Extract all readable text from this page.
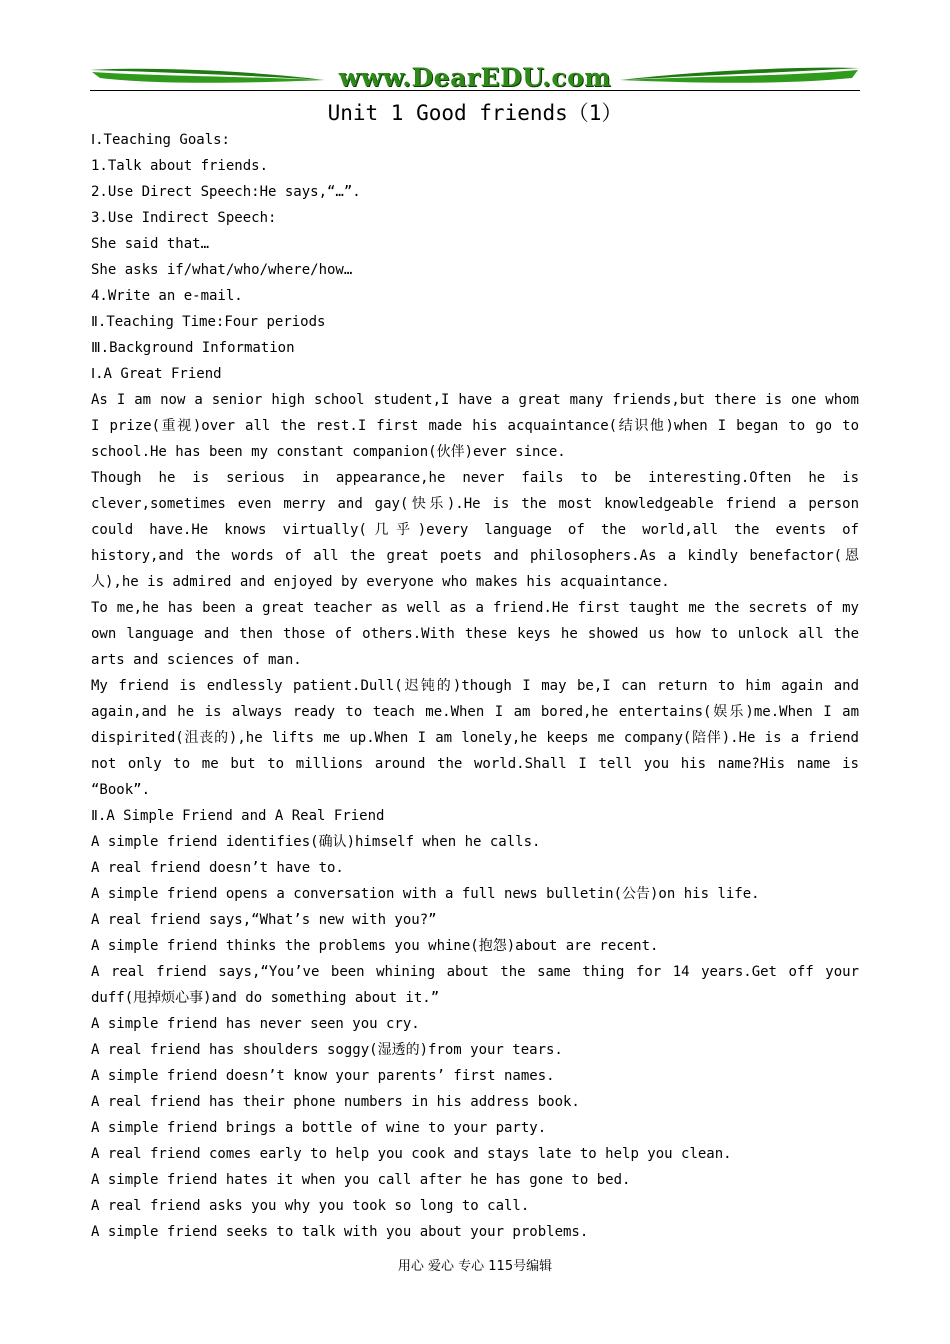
www.DearEDU.com
Unit 1 Good friends（1）
Ⅰ.Teaching Goals:
1.Talk about friends.
2.Use Direct Speech:He says,“…”.
3.Use Indirect Speech:
She said that…
She asks if/what/who/where/how…
4.Write an e-mail.
Ⅱ.Teaching Time:Four periods
Ⅲ.Background Information
Ⅰ.A Great Friend
As I am now a senior high school student,I have a great many friends,but there is one whom
I prize(重视)over all the rest.I first made his acquaintance(结识他)when I began to go to
school.He has been my constant companion(伙伴)ever since.
Though he is serious in appearance,he never fails to be interesting.Often he is
clever,sometimes even merry and gay(快乐).He is the most knowledgeable friend a person
could have.He knows virtually(几乎)every language of the world,all the events of
history,and the words of all the great poets and philosophers.As a kindly benefactor(恩
人),he is admired and enjoyed by everyone who makes his acquaintance.
To me,he has been a great teacher as well as a friend.He first taught me the secrets of my
own language and then those of others.With these keys he showed us how to unlock all the
arts and sciences of man.
My friend is endlessly patient.Dull(迟钝的)though I may be,I can return to him again and
again,and he is always ready to teach me.When I am bored,he entertains(娱乐)me.When I am
dispirited(沮丧的),he lifts me up.When I am lonely,he keeps me company(陪伴).He is a friend
not only to me but to millions around the world.Shall I tell you his name?His name is
“Book”.
Ⅱ.A Simple Friend and A Real Friend
A simple friend identifies(确认)himself when he calls.
A real friend doesn’t have to.
A simple friend opens a conversation with a full news bulletin(公告)on his life.
A real friend says,“What’s new with you?”
A simple friend thinks the problems you whine(抱怨)about are recent.
A real friend says,“You’ve been whining about the same thing for 14 years.Get off your
duff(甩掉烦心事)and do something about it.”
A simple friend has never seen you cry.
A real friend has shoulders soggy(湿透的)from your tears.
A simple friend doesn’t know your parents’ first names.
A real friend has their phone numbers in his address book.
A simple friend brings a bottle of wine to your party.
A real friend comes early to help you cook and stays late to help you clean.
A simple friend hates it when you call after he has gone to bed.
A real friend asks you why you took so long to call.
A simple friend seeks to talk with you about your problems.
用心 爱心 专心 115号编辑
